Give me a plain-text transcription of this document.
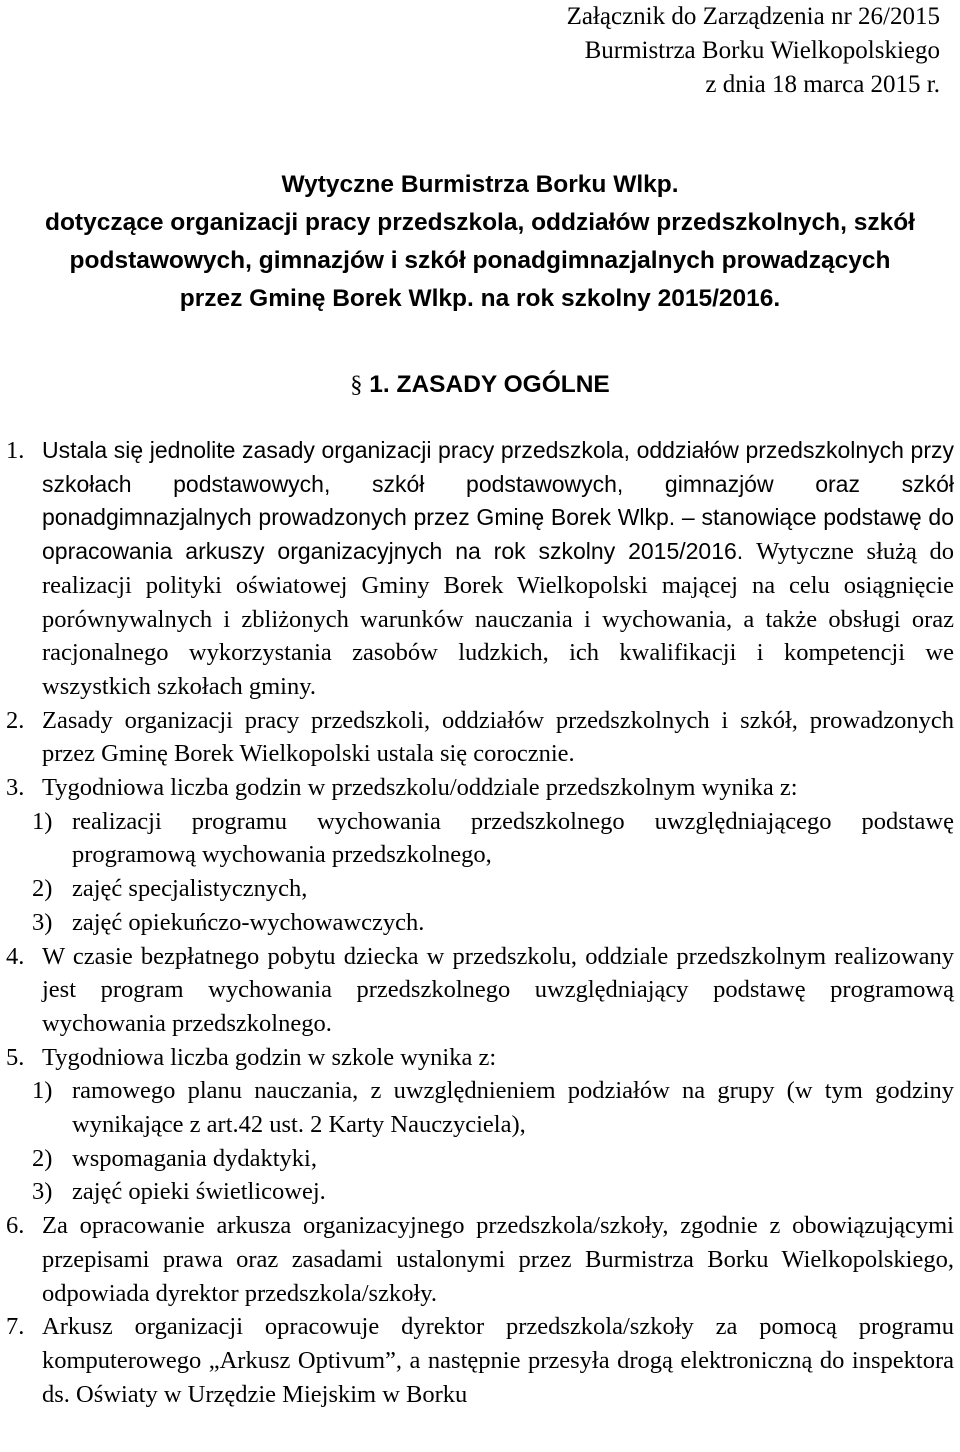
Załącznik do Zarządzenia nr 26/2015
Burmistrza Borku Wielkopolskiego
z dnia 18 marca 2015 r.
Wytyczne Burmistrza Borku Wlkp.
dotyczące organizacji pracy przedszkola, oddziałów przedszkolnych, szkół
podstawowych, gimnazjów i szkół ponadgimnazjalnych prowadzących
przez Gminę Borek Wlkp. na rok szkolny 2015/2016.
§ 1. ZASADY OGÓLNE
1. Ustala się jednolite zasady organizacji pracy przedszkola, oddziałów przedszkolnych przy szkołach podstawowych, szkół podstawowych, gimnazjów oraz szkół ponadgimnazjalnych prowadzonych przez Gminę Borek Wlkp. – stanowiące podstawę do opracowania arkuszy organizacyjnych na rok szkolny 2015/2016. Wytyczne służą do realizacji polityki oświatowej Gminy Borek Wielkopolski mającej na celu osiągnięcie porównywalnych i zbliżonych warunków nauczania i wychowania, a także obsługi oraz racjonalnego wykorzystania zasobów ludzkich, ich kwalifikacji i kompetencji we wszystkich szkołach gminy.
2. Zasady organizacji pracy przedszkoli, oddziałów przedszkolnych i szkół, prowadzonych przez Gminę Borek Wielkopolski ustala się corocznie.
3. Tygodniowa liczba godzin w przedszkolu/oddziale przedszkolnym wynika z:
1) realizacji programu wychowania przedszkolnego uwzględniającego podstawę programową wychowania przedszkolnego,
2) zajęć specjalistycznych,
3) zajęć opiekuńczo-wychowawczych.
4. W czasie bezpłatnego pobytu dziecka w przedszkolu, oddziale przedszkolnym realizowany jest program wychowania przedszkolnego uwzględniający podstawę programową wychowania przedszkolnego.
5. Tygodniowa liczba godzin w szkole wynika z:
1) ramowego planu nauczania, z uwzględnieniem podziałów na grupy (w tym godziny wynikające z art.42 ust. 2 Karty Nauczyciela),
2) wspomagania dydaktyki,
3) zajęć opieki świetlicowej.
6. Za opracowanie arkusza organizacyjnego przedszkola/szkoły, zgodnie z obowiązującymi przepisami prawa oraz zasadami ustalonymi przez Burmistrza Borku Wielkopolskiego, odpowiada dyrektor przedszkola/szkoły.
7. Arkusz organizacji opracowuje dyrektor przedszkola/szkoły za pomocą programu komputerowego „Arkusz Optivum”, a następnie przesyła drogą elektroniczną do inspektora ds. Oświaty w Urzędzie Miejskim w Borku
